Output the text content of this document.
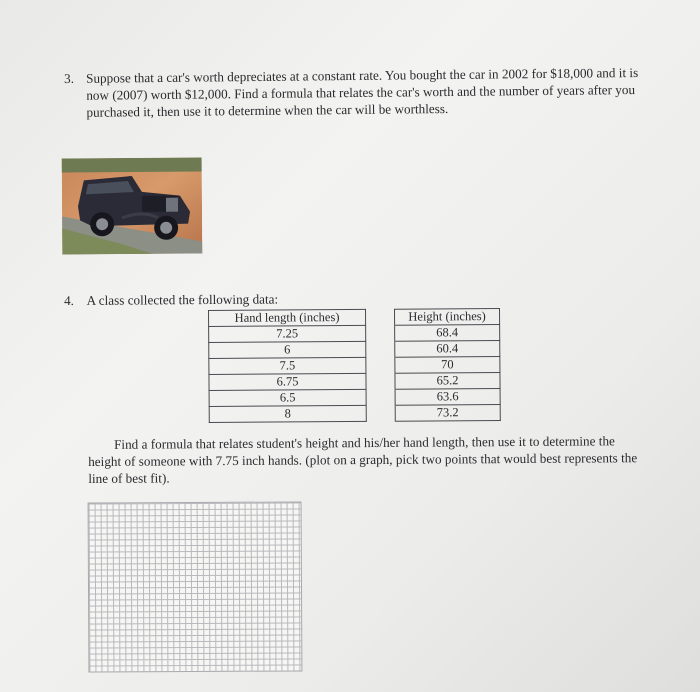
3. Suppose that a car's worth depreciates at a constant rate. You bought the car in 2002 for $18,000 and it is now (2007) worth $12,000. Find a formula that relates the car's worth and the number of years after you purchased it, then use it to determine when the car will be worthless.
4. A class collected the following data:
Hand length (inches)		Height (inches)
7.25		68.4
6		60.4
7.5		70
6.75		65.2
6.5		63.6
8		73.2
Find a formula that relates student's height and his/her hand length, then use it to determine the height of someone with 7.75 inch hands. (plot on a graph, pick two points that would best represents the line of best fit).
